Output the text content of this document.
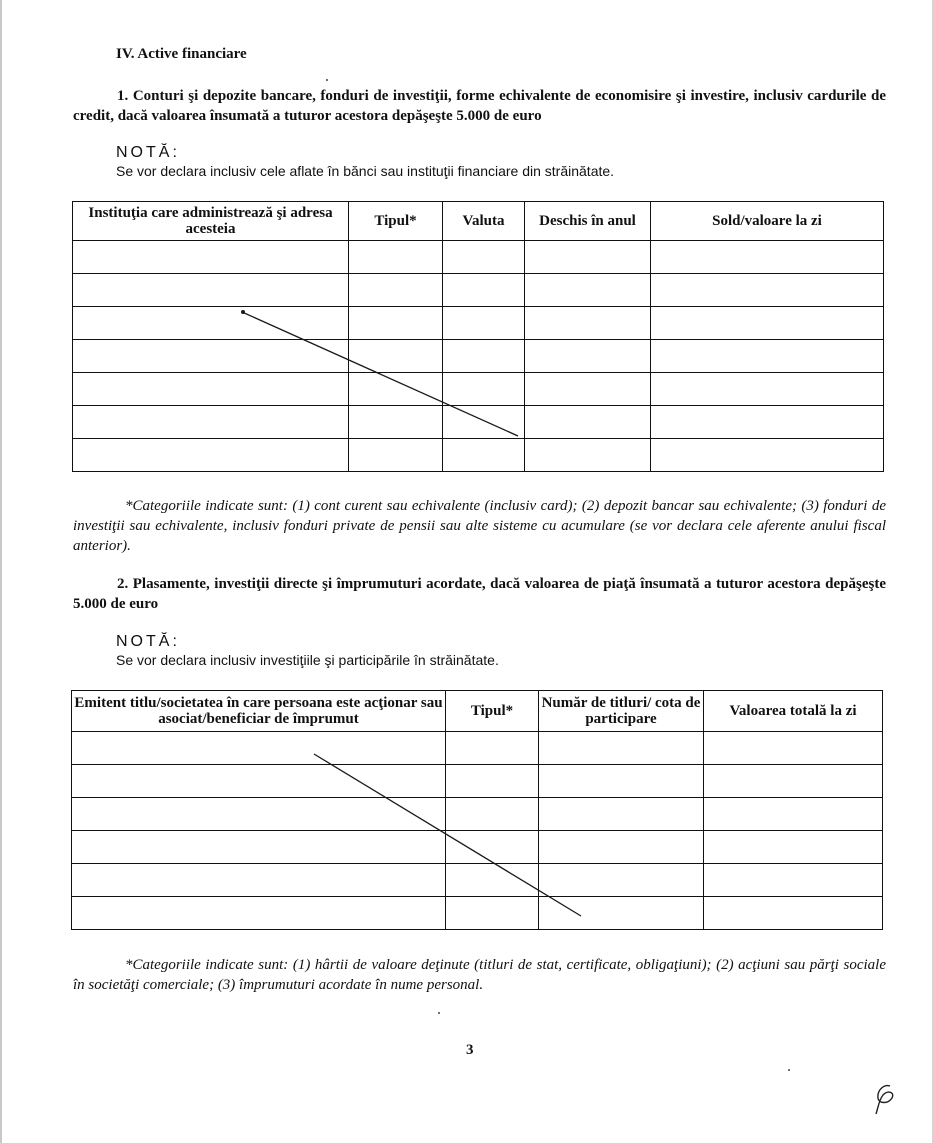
IV. Active financiare
1. Conturi şi depozite bancare, fonduri de investiţii, forme echivalente de economisire şi investire, inclusiv cardurile de credit, dacă valoarea însumată a tuturor acestora depăşeşte 5.000 de euro
NOTĂ:
Se vor declara inclusiv cele aflate în bănci sau instituţii financiare din străinătate.
Instituţia care administrează şi adresa acesteia	Tipul*	Valuta	Deschis în anul	Sold/valoare la zi

*Categoriile indicate sunt: (1) cont curent sau echivalente (inclusiv card); (2) depozit bancar sau echivalente; (3) fonduri de investiţii sau echivalente, inclusiv fonduri private de pensii sau alte sisteme cu acumulare (se vor declara cele aferente anului fiscal anterior).
2. Plasamente, investiţii directe şi împrumuturi acordate, dacă valoarea de piaţă însumată a tuturor acestora depăşeşte 5.000 de euro
NOTĂ:
Se vor declara inclusiv investiţiile şi participările în străinătate.
Emitent titlu/societatea în care persoana este acţionar sau asociat/beneficiar de împrumut	Tipul*	Număr de titluri/ cota de participare	Valoarea totală la zi

*Categoriile indicate sunt: (1) hârtii de valoare deţinute (titluri de stat, certificate, obligaţiuni); (2) acţiuni sau părţi sociale în societăţi comerciale; (3) împrumuturi acordate în nume personal.
3
